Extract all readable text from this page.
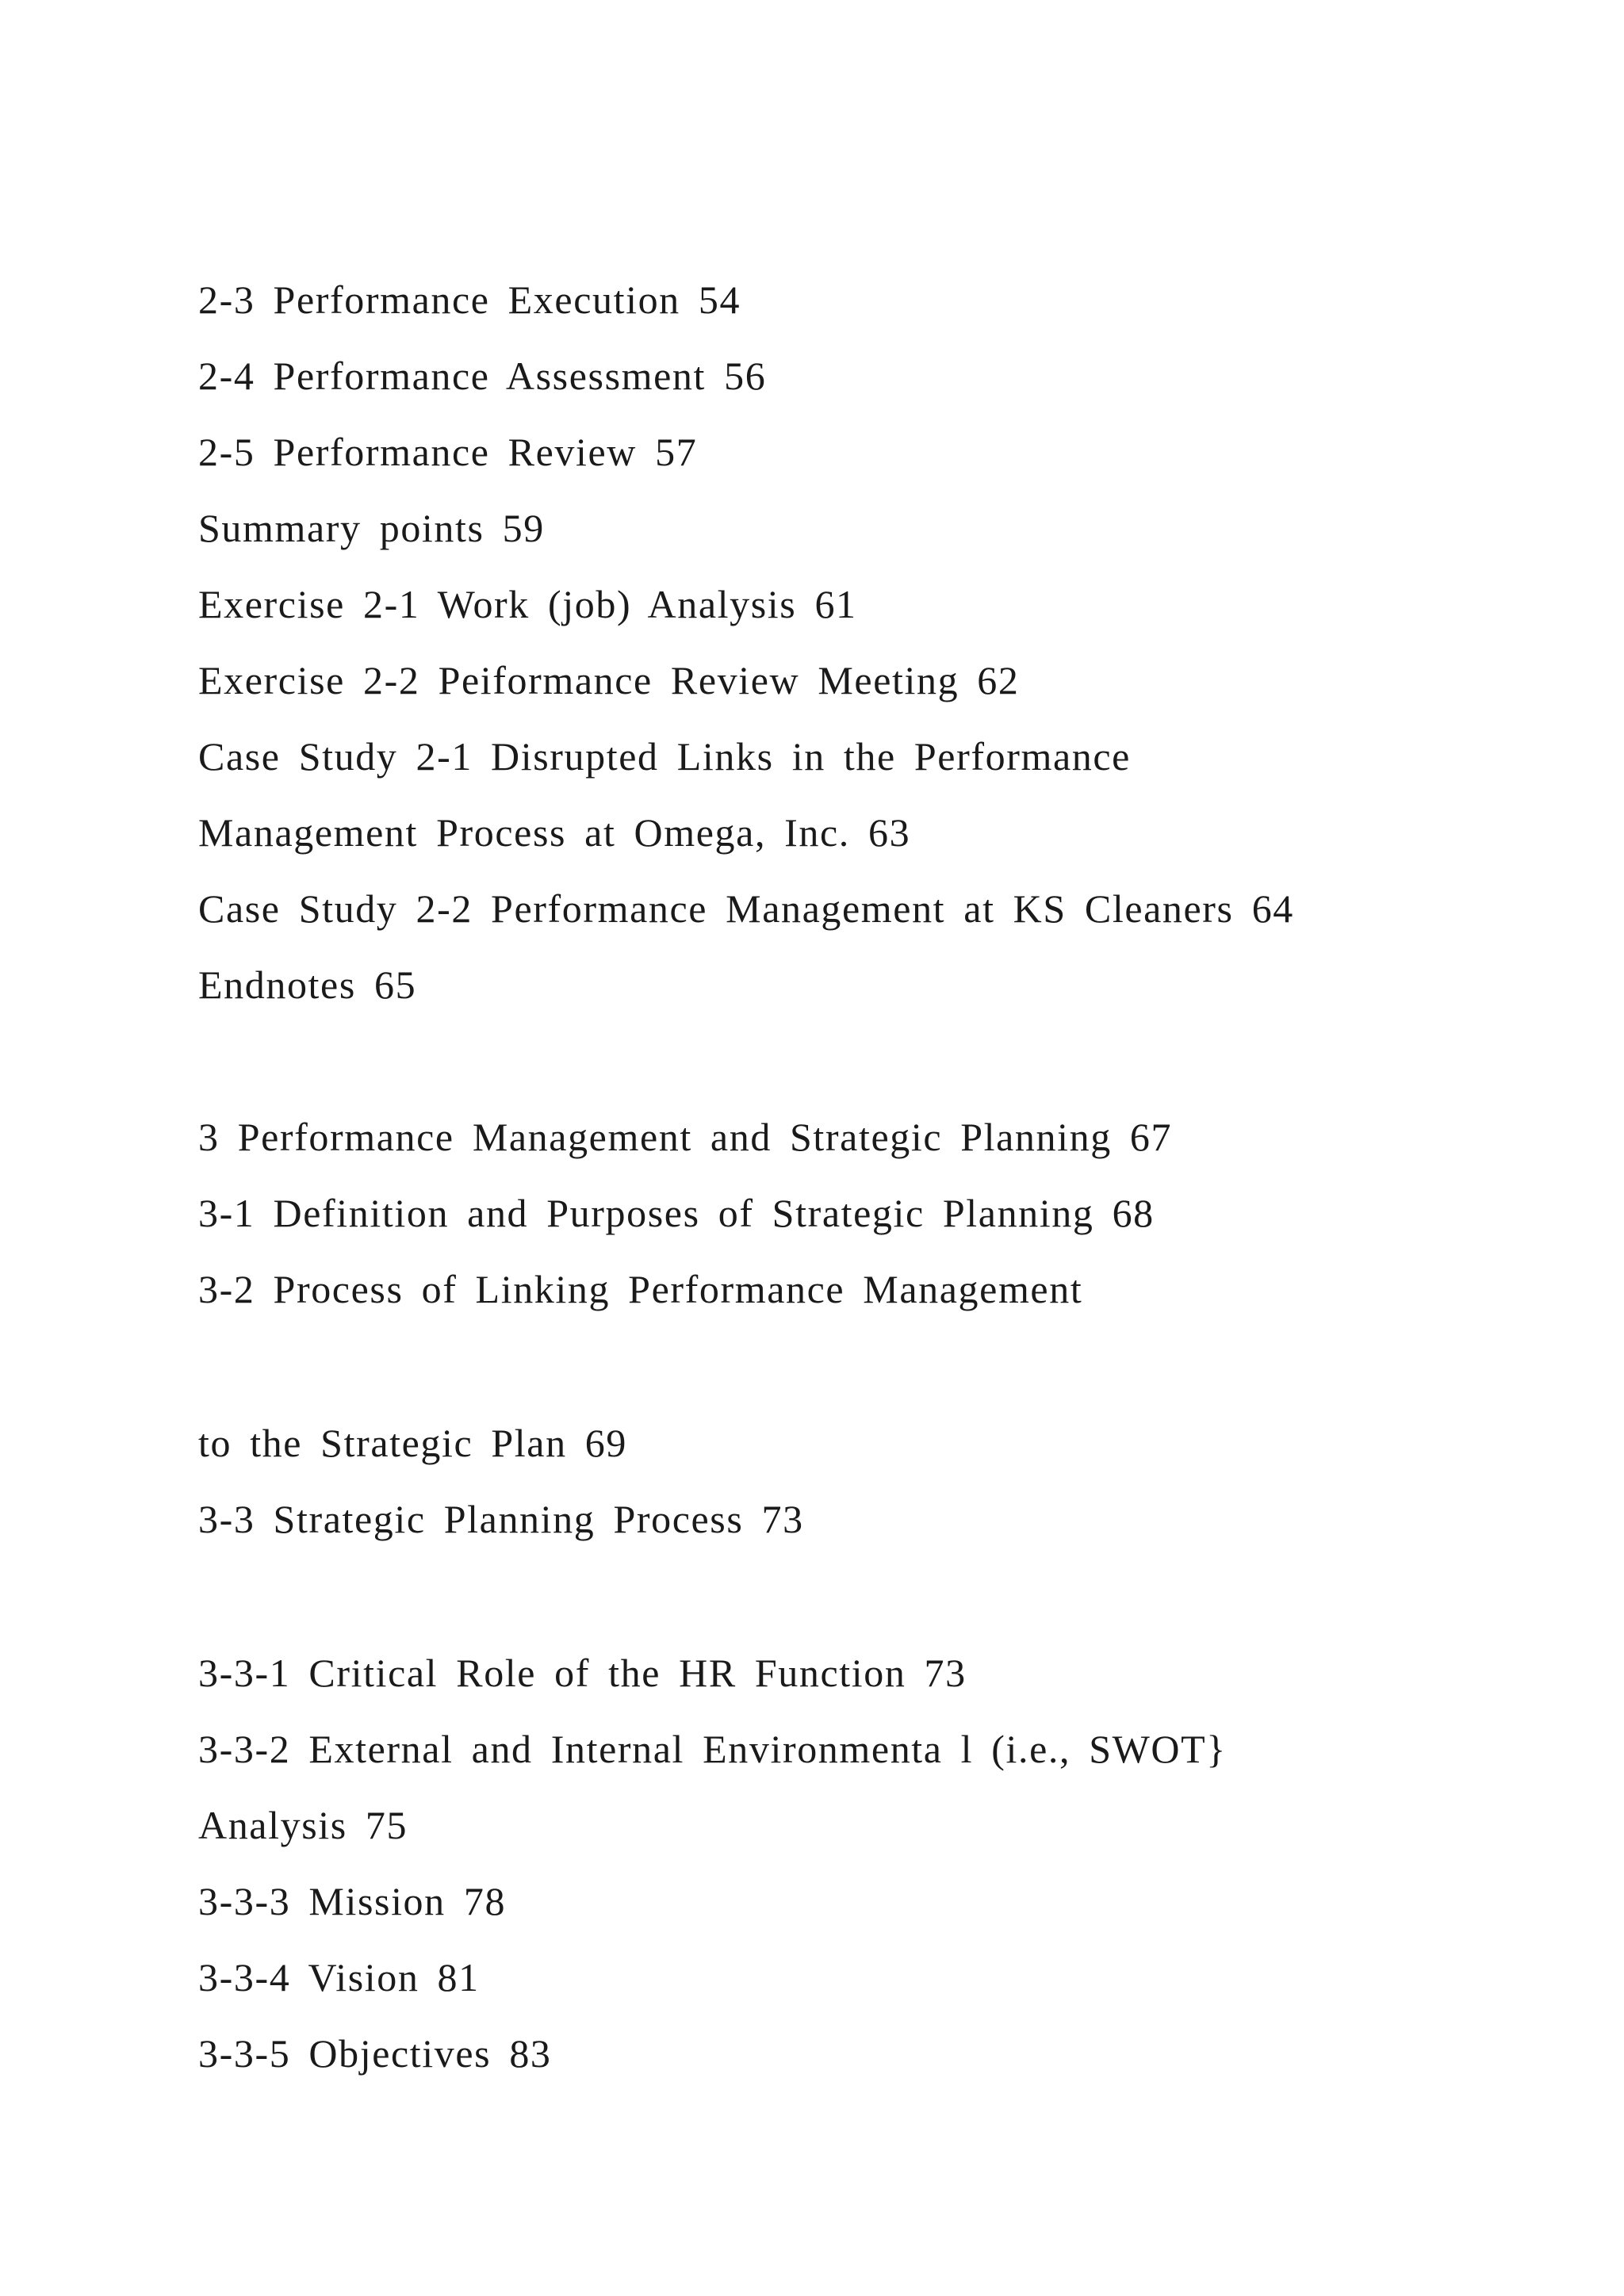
2-3 Performance Execution 54

2-4 Performance Assessment 56

2-5 Performance Review 57

Summary points 59

Exercise 2-1 Work (job) Analysis 61

Exercise 2-2 Peiformance Review Meeting 62

Case Study 2-1 Disrupted Links in the Performance

Management Process at Omega, Inc. 63

Case Study 2-2 Performance Management at KS Cleaners 64

Endnotes 65

3 Performance Management and Strategic Planning 67

3-1 Definition and Purposes of Strategic Planning 68

3-2 Process of Linking Performance Management

to the Strategic Plan 69

3-3 Strategic Planning Process 73

3-3-1 Critical Role of the HR Function 73

3-3-2 External and Internal Environmenta l (i.e., SWOT}

Analysis 75

3-3-3 Mission 78

3-3-4 Vision 81

3-3-5 Objectives 83
